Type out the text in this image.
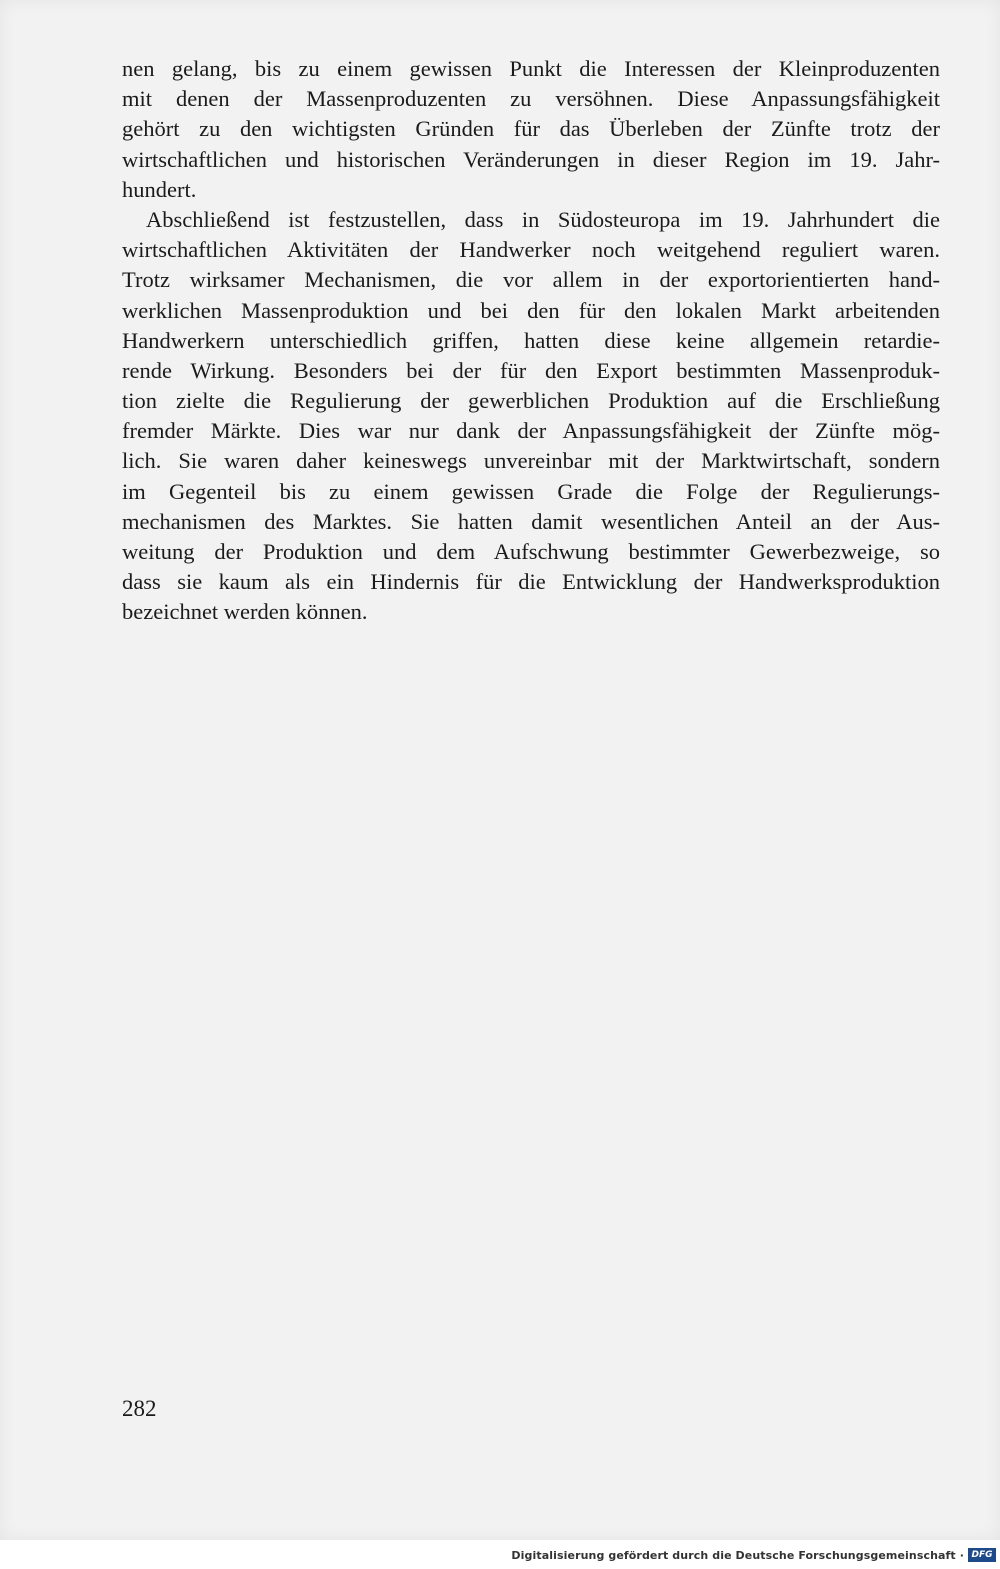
nen gelang, bis zu einem gewissen Punkt die Interessen der Kleinproduzenten
mit denen der Massenproduzenten zu versöhnen. Diese Anpassungsfähigkeit
gehört zu den wichtigsten Gründen für das Überleben der Zünfte trotz der
wirtschaftlichen und historischen Veränderungen in dieser Region im 19. Jahr-
hundert.
Abschließend ist festzustellen, dass in Südosteuropa im 19. Jahrhundert die
wirtschaftlichen Aktivitäten der Handwerker noch weitgehend reguliert waren.
Trotz wirksamer Mechanismen, die vor allem in der exportorientierten hand-
werklichen Massenproduktion und bei den für den lokalen Markt arbeitenden
Handwerkern unterschiedlich griffen, hatten diese keine allgemein retardie-
rende Wirkung. Besonders bei der für den Export bestimmten Massenproduk-
tion zielte die Regulierung der gewerblichen Produktion auf die Erschließung
fremder Märkte. Dies war nur dank der Anpassungsfähigkeit der Zünfte mög-
lich. Sie waren daher keineswegs unvereinbar mit der Marktwirtschaft, sondern
im Gegenteil bis zu einem gewissen Grade die Folge der Regulierungs-
mechanismen des Marktes. Sie hatten damit wesentlichen Anteil an der Aus-
weitung der Produktion und dem Aufschwung bestimmter Gewerbezweige, so
dass sie kaum als ein Hindernis für die Entwicklung der Handwerksproduktion
bezeichnet werden können.
282
Digitalisierung gefördert durch die Deutsche Forschungsgemeinschaft · DFG
